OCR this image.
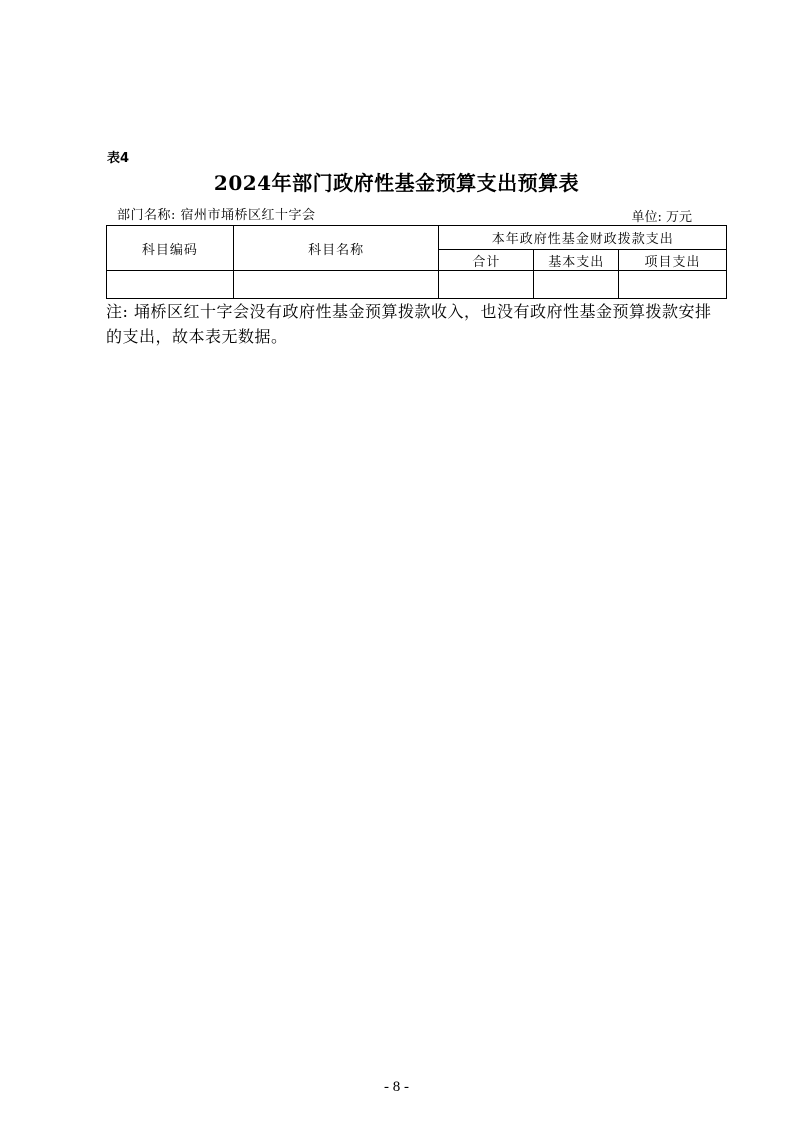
表4
2024年部门政府性基金预算支出预算表
部门名称: 宿州市埇桥区红十字会	单位: 万元
科目编码	科目名称	本年政府性基金财政拨款支出		
		合计	基本支出	项目支出

注: 埇桥区红十字会没有政府性基金预算拨款收入，也没有政府性基金预算拨款安排的支出，故本表无数据。
- 8 -
